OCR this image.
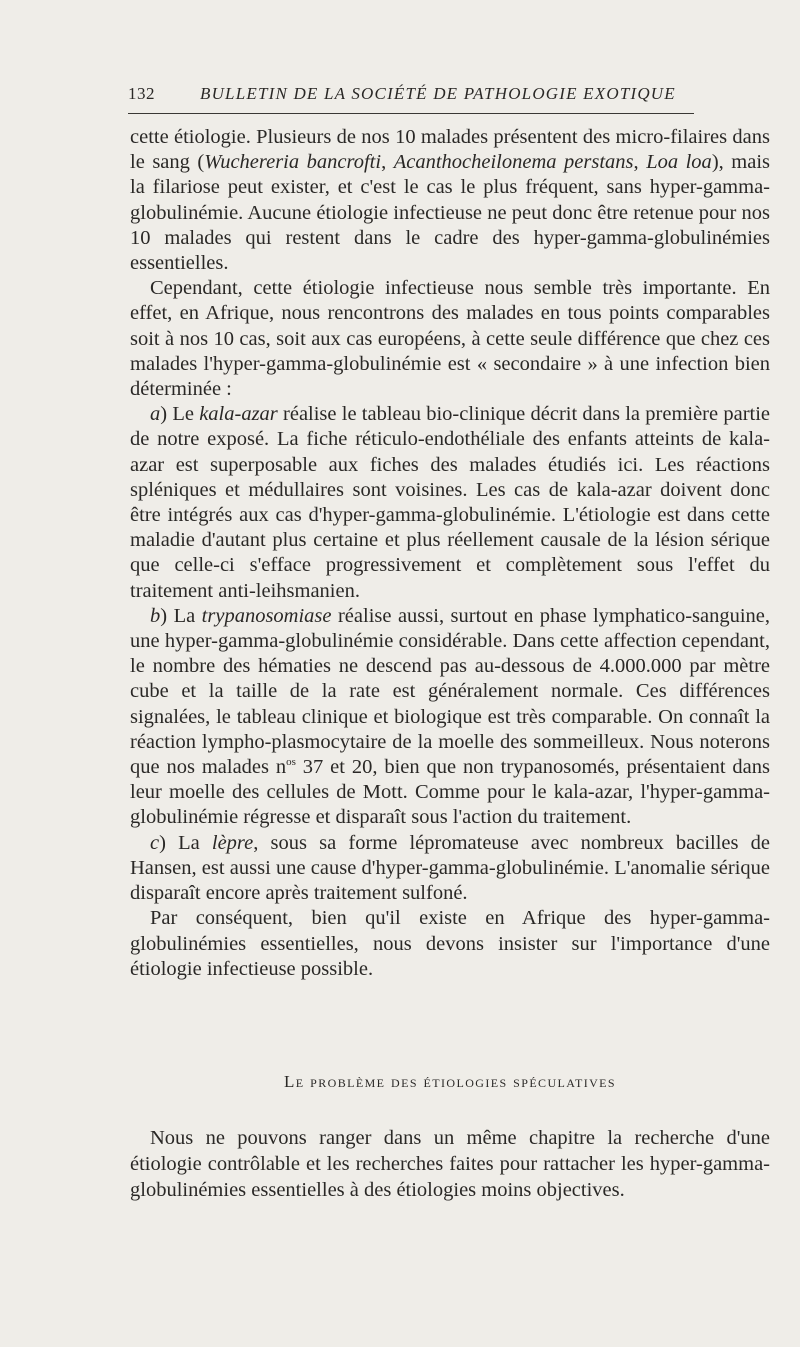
132	BULLETIN DE LA SOCIÉTÉ DE PATHOLOGIE EXOTIQUE

cette étiologie. Plusieurs de nos 10 malades présentent des micro-filaires dans le sang (Wuchereria bancrofti, Acanthocheilonema perstans, Loa loa), mais la filariose peut exister, et c'est le cas le plus fréquent, sans hyper-gamma-globulinémie. Aucune étiologie infectieuse ne peut donc être retenue pour nos 10 malades qui restent dans le cadre des hyper-gamma-globulinémies essentielles.

Cependant, cette étiologie infectieuse nous semble très importante. En effet, en Afrique, nous rencontrons des malades en tous points comparables soit à nos 10 cas, soit aux cas européens, à cette seule différence que chez ces malades l'hyper-gamma-globulinémie est « secondaire » à une infection bien déterminée :

a) Le kala-azar réalise le tableau bio-clinique décrit dans la première partie de notre exposé. La fiche réticulo-endothéliale des enfants atteints de kala-azar est superposable aux fiches des malades étudiés ici. Les réactions spléniques et médullaires sont voisines. Les cas de kala-azar doivent donc être intégrés aux cas d'hyper-gamma-globulinémie. L'étiologie est dans cette maladie d'autant plus certaine et plus réellement causale de la lésion sérique que celle-ci s'efface progressivement et complètement sous l'effet du traitement anti-leihsmanien.

b) La trypanosomiase réalise aussi, surtout en phase lymphatico-sanguine, une hyper-gamma-globulinémie considérable. Dans cette affection cependant, le nombre des hématies ne descend pas au-dessous de 4.000.000 par mètre cube et la taille de la rate est généralement normale. Ces différences signalées, le tableau clinique et biologique est très comparable. On connaît la réaction lympho-plasmocytaire de la moelle des sommeilleux. Nous noterons que nos malades $n^{os}$ 37 et 20, bien que non trypanosomés, présentaient dans leur moelle des cellules de Mott. Comme pour le kala-azar, l'hyper-gamma-globulinémie régresse et disparaît sous l'action du traitement.

c) La lèpre, sous sa forme lépromateuse avec nombreux bacilles de Hansen, est aussi une cause d'hyper-gamma-globulinémie. L'anomalie sérique disparaît encore après traitement sulfoné.

Par conséquent, bien qu'il existe en Afrique des hyper-gamma-globulinémies essentielles, nous devons insister sur l'importance d'une étiologie infectieuse possible.

Le problème des étiologies spéculatives

Nous ne pouvons ranger dans un même chapitre la recherche d'une étiologie contrôlable et les recherches faites pour rattacher les hyper-gamma-globulinémies essentielles à des étiologies moins objectives.
